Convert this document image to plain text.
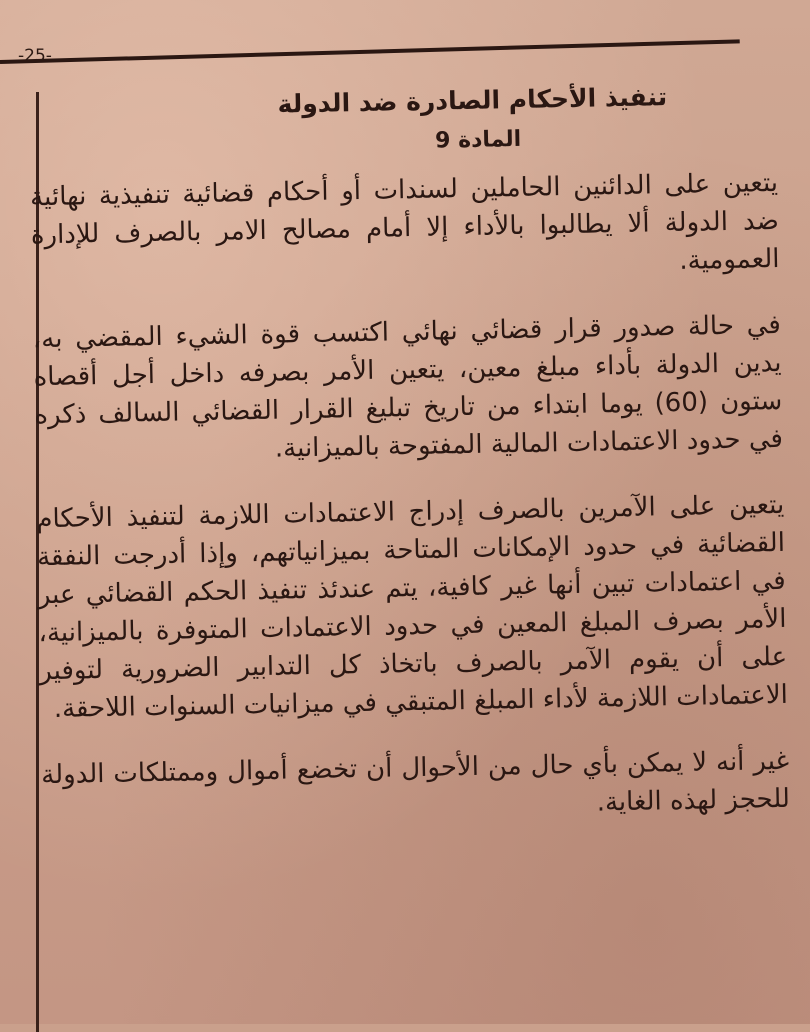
-25-
تنفيذ الأحكام الصادرة ضد الدولة
المادة 9

يتعين على الدائنين الحاملين لسندات أو أحكام قضائية تنفيذية نهائية ضد الدولة ألا يطالبوا بالأداء إلا أمام مصالح الامر بالصرف للإدارة العمومية.

في حالة صدور قرار قضائي نهائي اكتسب قوة الشيء المقضي به، يدين الدولة بأداء مبلغ معين، يتعين الأمر بصرفه داخل أجل أقصاه ستون (60) يوما ابتداء من تاريخ تبليغ القرار القضائي السالف ذكره في حدود الاعتمادات المالية المفتوحة بالميزانية.

يتعين على الآمرين بالصرف إدراج الاعتمادات اللازمة لتنفيذ الأحكام القضائية في حدود الإمكانات المتاحة بميزانياتهم، وإذا أدرجت النفقة في اعتمادات تبين أنها غير كافية، يتم عندئذ تنفيذ الحكم القضائي عبر الأمر بصرف المبلغ المعين في حدود الاعتمادات المتوفرة بالميزانية، على أن يقوم الآمر بالصرف باتخاذ كل التدابير الضرورية لتوفير الاعتمادات اللازمة لأداء المبلغ المتبقي في ميزانيات السنوات اللاحقة.

غير أنه لا يمكن بأي حال من الأحوال أن تخضع أموال وممتلكات الدولة للحجز لهذه الغاية.
